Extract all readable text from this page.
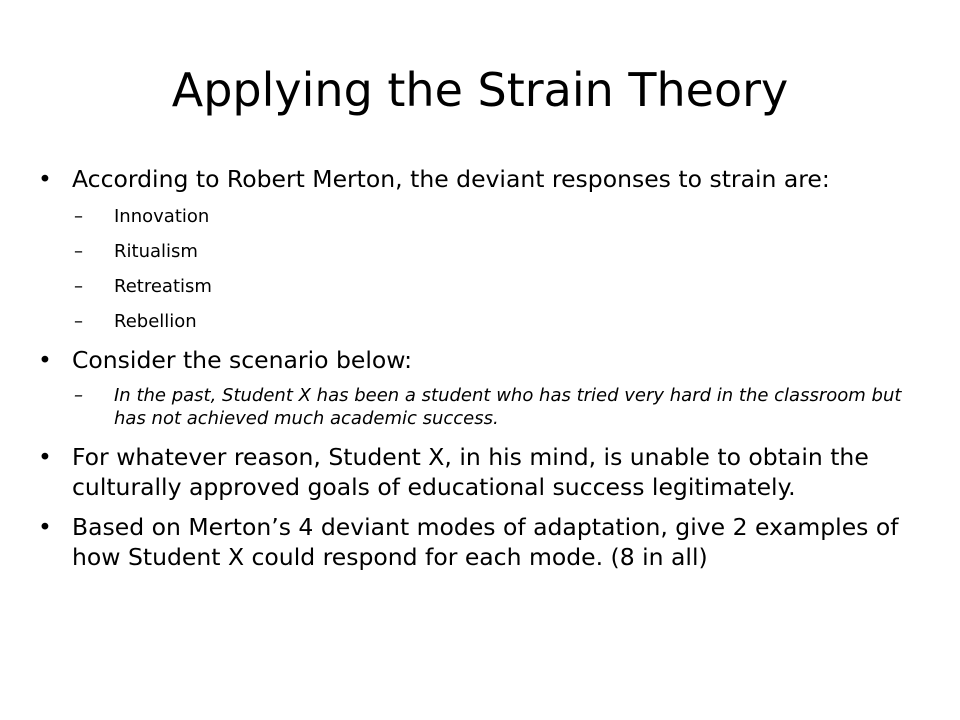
Applying the Strain Theory
• According to Robert Merton, the deviant responses to strain are:
– Innovation
– Ritualism
– Retreatism
– Rebellion
• Consider the scenario below:
– In the past, Student X has been a student who has tried very hard in the classroom but has not achieved much academic success.
• For whatever reason, Student X, in his mind, is unable to obtain the culturally approved goals of educational success legitimately.
• Based on Merton’s 4 deviant modes of adaptation, give 2 examples of how Student X could respond for each mode. (8 in all)
